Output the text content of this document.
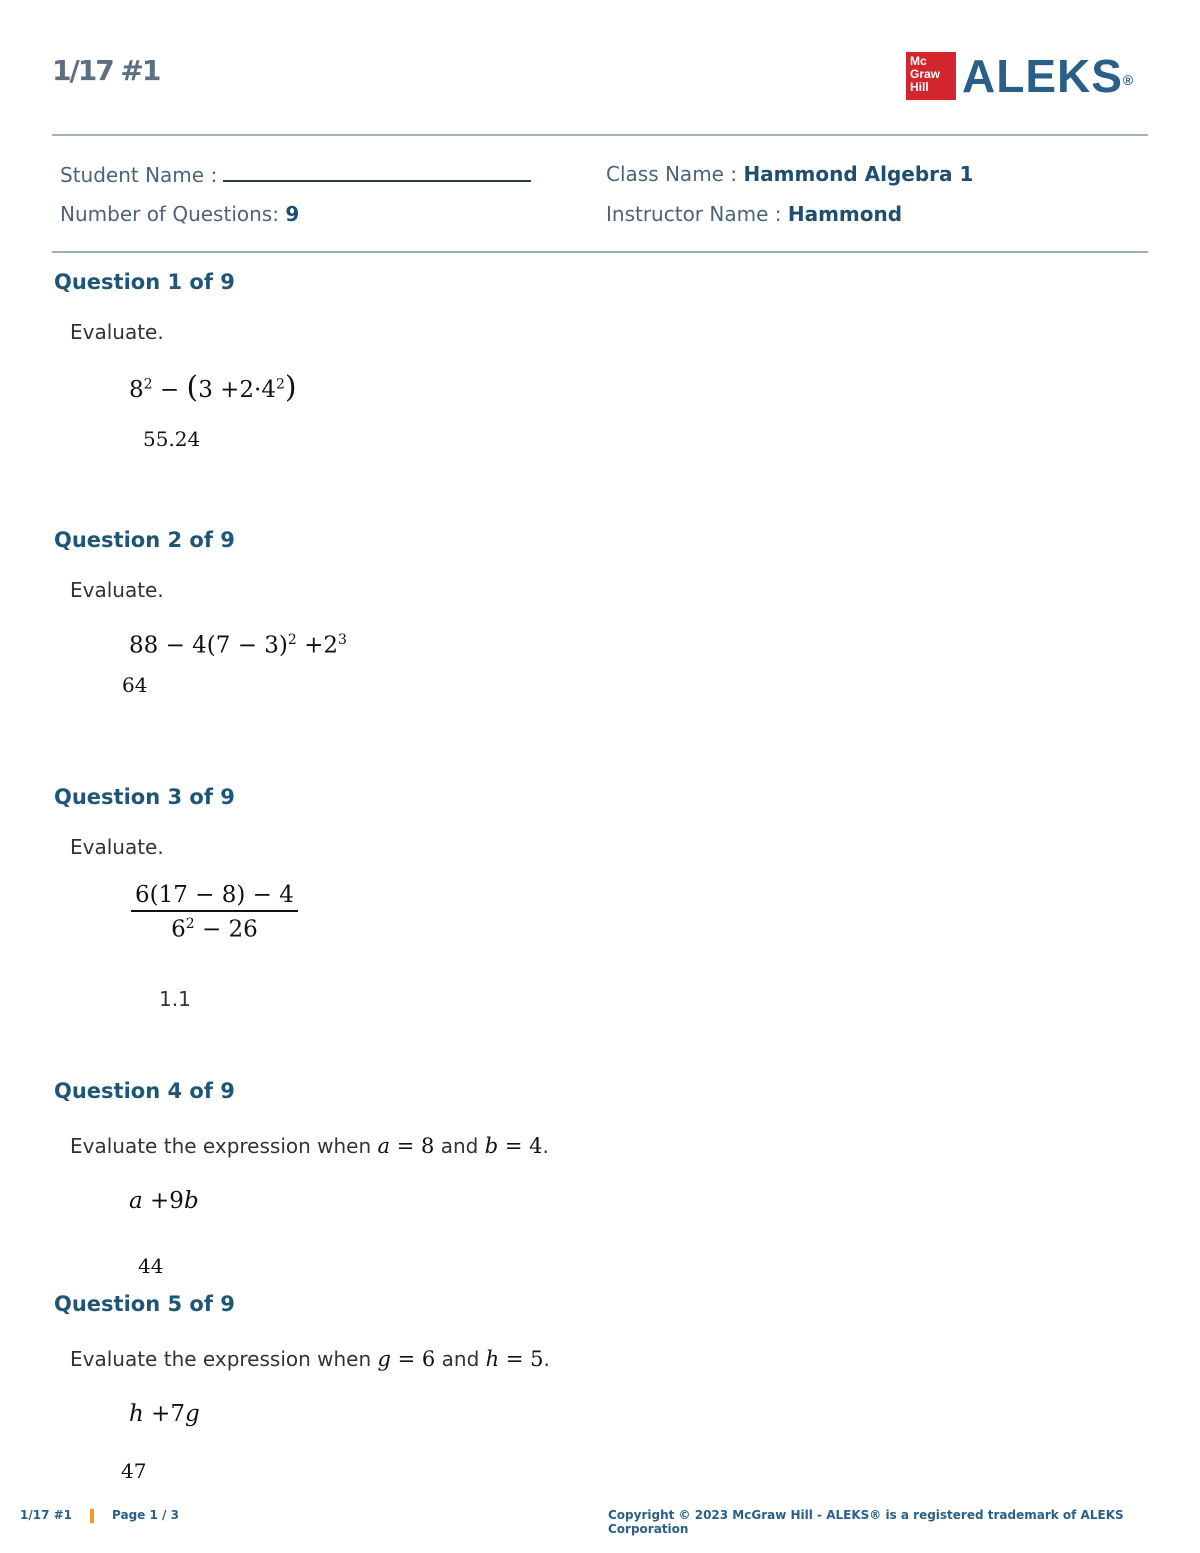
1/17 #1	Mc
Graw
Hill ALEKS®
Student Name :
Number of Questions: 9
Class Name : Hammond Algebra 1
Instructor Name : Hammond
Question 1 of 9
Evaluate.
$8^2 - (3 +2\cdot 4^2)$
55.24
Question 2 of 9
Evaluate.
$88 - 4(7 - 3)^2 +2^3$
64
Question 3 of 9
Evaluate.
$\frac{6(17 - 8) - 4}{6^2 - 26}$
1.1
Question 4 of 9
Evaluate the expression when a = 8 and b = 4.
a +9b
44
Question 5 of 9
Evaluate the expression when g = 6 and h = 5.
h +7g
47
1/17 #1	Page 1 / 3	Copyright © 2023 McGraw Hill - ALEKS® is a registered trademark of ALEKS Corporation
